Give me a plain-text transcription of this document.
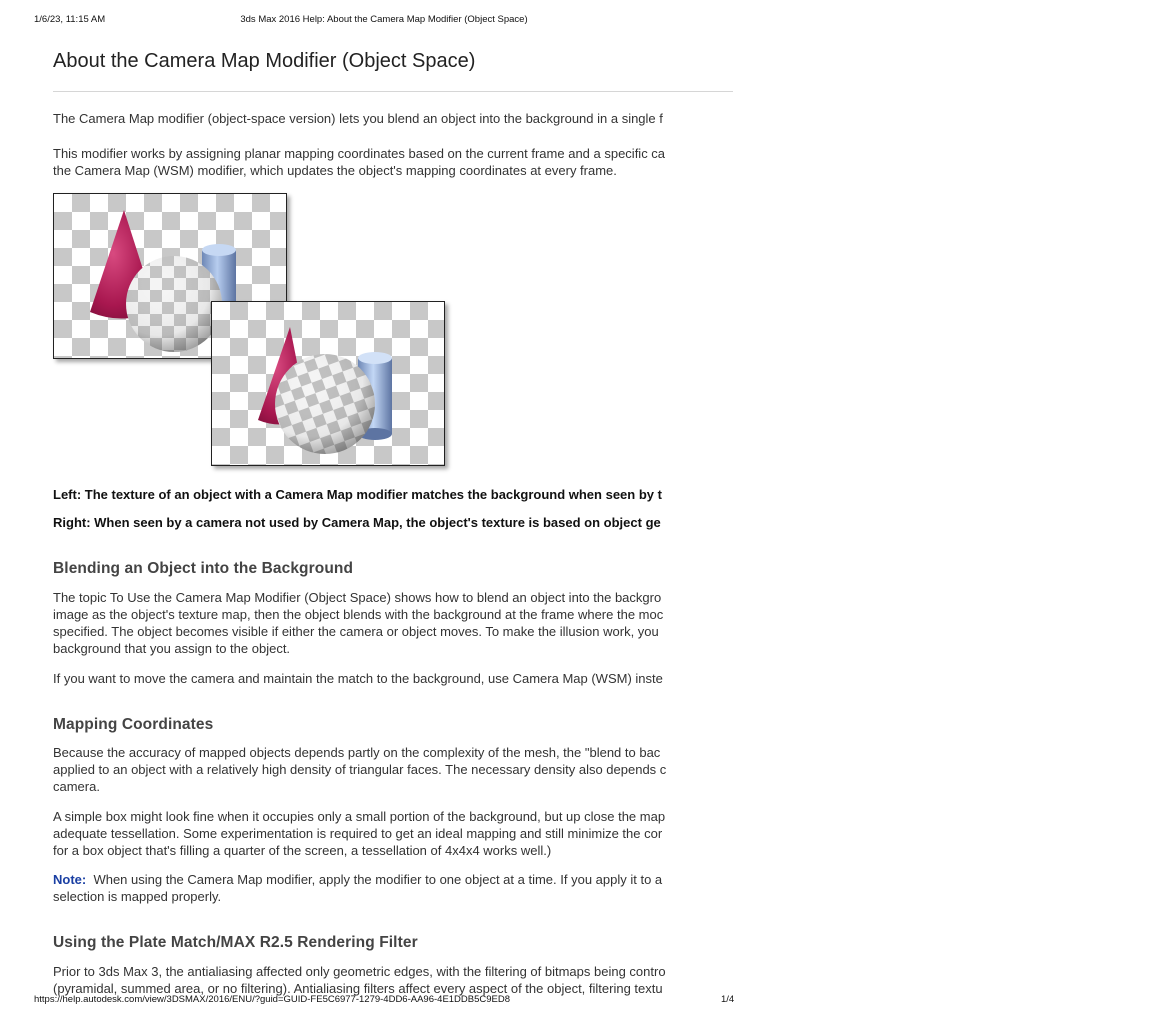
1/6/23, 11:15 AM	3ds Max 2016 Help: About the Camera Map Modifier (Object Space)
About the Camera Map Modifier (Object Space)

The Camera Map modifier (object-space version) lets you blend an object into the background in a single f

This modifier works by assigning planar mapping coordinates based on the current frame and a specific ca
the Camera Map (WSM) modifier, which updates the object's mapping coordinates at every frame.

Left: The texture of an object with a Camera Map modifier matches the background when seen by t

Right: When seen by a camera not used by Camera Map, the object's texture is based on object ge

Blending an Object into the Background

The topic To Use the Camera Map Modifier (Object Space) shows how to blend an object into the backgro
image as the object's texture map, then the object blends with the background at the frame where the moc
specified. The object becomes visible if either the camera or object moves. To make the illusion work, you
background that you assign to the object.

If you want to move the camera and maintain the match to the background, use Camera Map (WSM) inste

Mapping Coordinates

Because the accuracy of mapped objects depends partly on the complexity of the mesh, the "blend to bac
applied to an object with a relatively high density of triangular faces. The necessary density also depends c
camera.

A simple box might look fine when it occupies only a small portion of the background, but up close the map
adequate tessellation. Some experimentation is required to get an ideal mapping and still minimize the cor
for a box object that's filling a quarter of the screen, a tessellation of 4x4x4 works well.)

Note: When using the Camera Map modifier, apply the modifier to one object at a time. If you apply it to a
selection is mapped properly.

Using the Plate Match/MAX R2.5 Rendering Filter

Prior to 3ds Max 3, the antialiasing affected only geometric edges, with the filtering of bitmaps being contro
(pyramidal, summed area, or no filtering). Antialiasing filters affect every aspect of the object, filtering textu

https://help.autodesk.com/view/3DSMAX/2016/ENU/?guid=GUID-FE5C6977-1279-4DD6-AA96-4E1DDB5C9ED8	1/4
